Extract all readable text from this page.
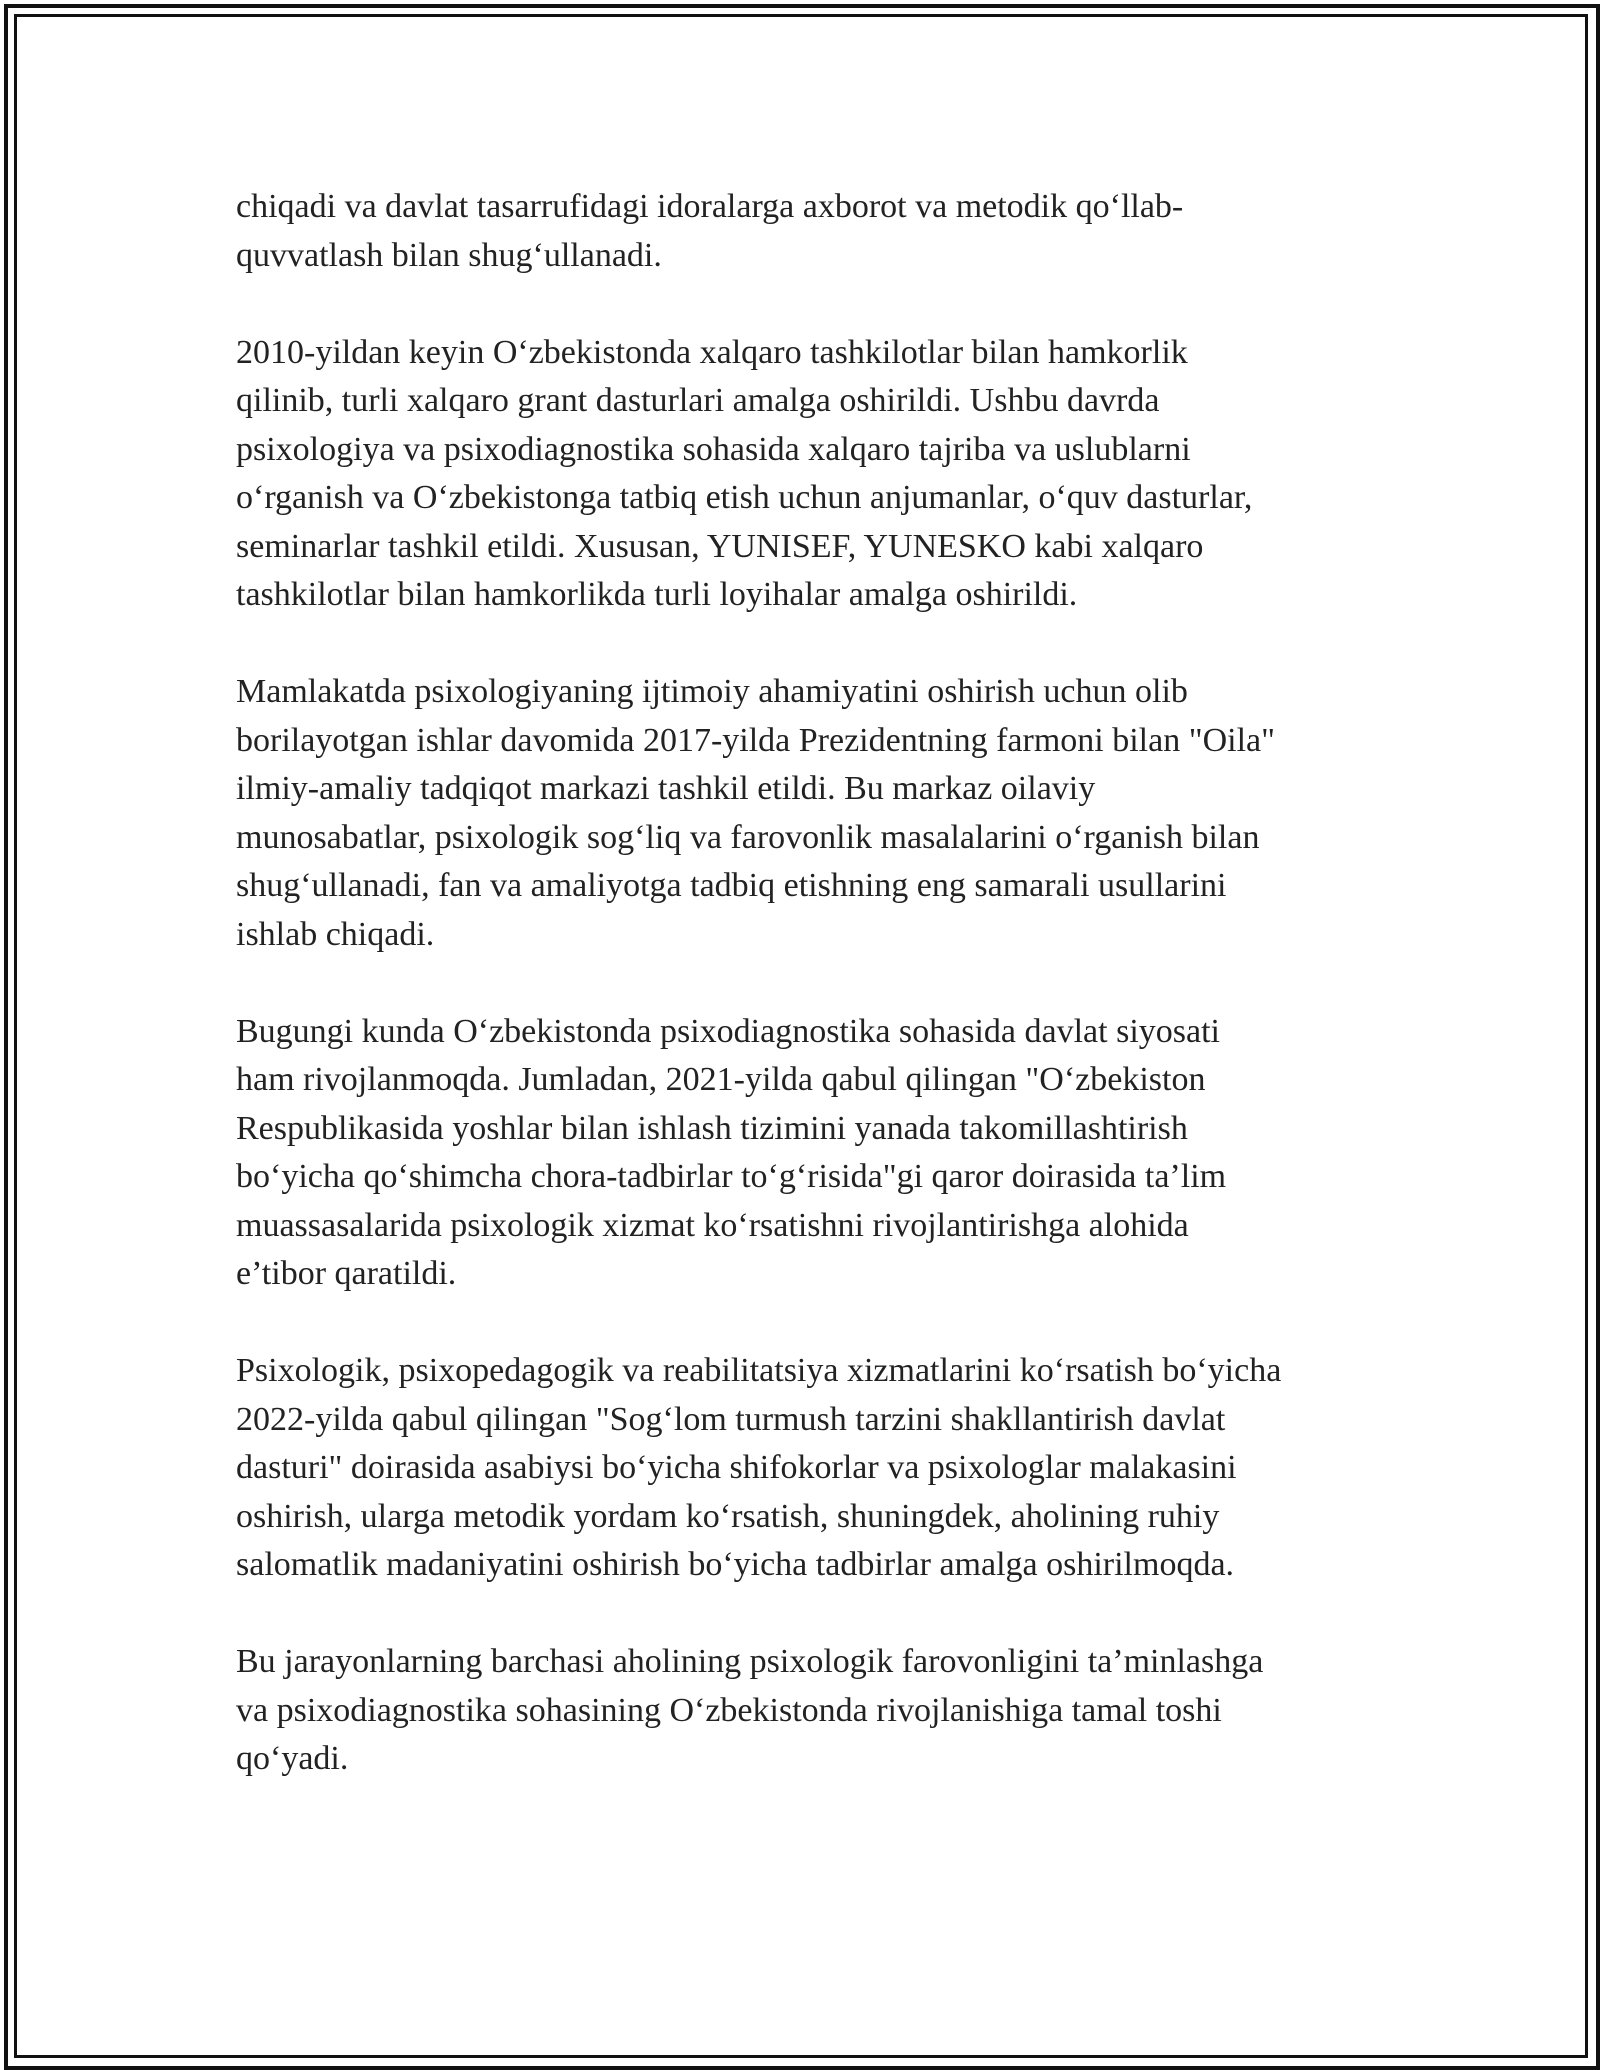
chiqadi va davlat tasarrufidagi idoralarga axborot va metodik qo‘llab-
quvvatlash bilan shug‘ullanadi.

2010-yildan keyin O‘zbekistonda xalqaro tashkilotlar bilan hamkorlik
qilinib, turli xalqaro grant dasturlari amalga oshirildi. Ushbu davrda
psixologiya va psixodiagnostika sohasida xalqaro tajriba va uslublarni
o‘rganish va O‘zbekistonga tatbiq etish uchun anjumanlar, o‘quv dasturlar,
seminarlar tashkil etildi. Xususan, YUNISEF, YUNESKO kabi xalqaro
tashkilotlar bilan hamkorlikda turli loyihalar amalga oshirildi.

Mamlakatda psixologiyaning ijtimoiy ahamiyatini oshirish uchun olib
borilayotgan ishlar davomida 2017-yilda Prezidentning farmoni bilan "Oila"
ilmiy-amaliy tadqiqot markazi tashkil etildi. Bu markaz oilaviy
munosabatlar, psixologik sog‘liq va farovonlik masalalarini o‘rganish bilan
shug‘ullanadi, fan va amaliyotga tadbiq etishning eng samarali usullarini
ishlab chiqadi.

Bugungi kunda O‘zbekistonda psixodiagnostika sohasida davlat siyosati
ham rivojlanmoqda. Jumladan, 2021-yilda qabul qilingan "O‘zbekiston
Respublikasida yoshlar bilan ishlash tizimini yanada takomillashtirish
bo‘yicha qo‘shimcha chora-tadbirlar to‘g‘risida"gi qaror doirasida ta’lim
muassasalarida psixologik xizmat ko‘rsatishni rivojlantirishga alohida
e’tibor qaratildi.

Psixologik, psixopedagogik va reabilitatsiya xizmatlarini ko‘rsatish bo‘yicha
2022-yilda qabul qilingan "Sog‘lom turmush tarzini shakllantirish davlat
dasturi" doirasida asabiysi bo‘yicha shifokorlar va psixologlar malakasini
oshirish, ularga metodik yordam ko‘rsatish, shuningdek, aholining ruhiy
salomatlik madaniyatini oshirish bo‘yicha tadbirlar amalga oshirilmoqda.

Bu jarayonlarning barchasi aholining psixologik farovonligini ta’minlashga
va psixodiagnostika sohasining O‘zbekistonda rivojlanishiga tamal toshi
qo‘yadi.
